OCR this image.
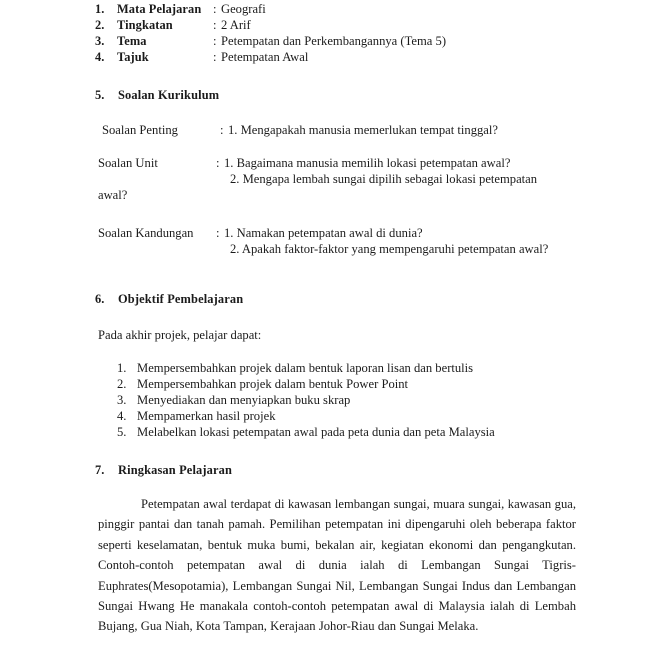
1.	Mata Pelajaran : Geografi
2.	Tingkatan	: 2 Arif
3.	Tema	: Petempatan dan Perkembangannya (Tema 5)
4.	Tajuk	: Petempatan Awal
5. Soalan Kurikulum
Soalan Penting	: 1. Mengapakah manusia memerlukan tempat tinggal?
Soalan Unit	: 1. Bagaimana manusia memilih lokasi petempatan awal?
2. Mengapa lembah sungai dipilih sebagai lokasi petempatan
awal?
Soalan Kandungan : 1. Namakan petempatan awal di dunia?
2. Apakah faktor-faktor yang mempengaruhi petempatan awal?
6. Objektif Pembelajaran
Pada akhir projek, pelajar dapat:
1. Mempersembahkan projek dalam bentuk laporan lisan dan bertulis
2. Mempersembahkan projek dalam bentuk Power Point
3. Menyediakan dan menyiapkan buku skrap
4. Mempamerkan hasil projek
5. Melabelkan lokasi petempatan awal pada peta dunia dan peta Malaysia
7. Ringkasan Pelajaran
Petempatan awal terdapat di kawasan lembangan sungai, muara sungai, kawasan gua, pinggir pantai dan tanah pamah. Pemilihan petempatan ini dipengaruhi oleh beberapa faktor seperti keselamatan, bentuk muka bumi, bekalan air, kegiatan ekonomi dan pengangkutan. Contoh-contoh petempatan awal di dunia ialah di Lembangan Sungai Tigris-Euphrates(Mesopotamia), Lembangan Sungai Nil, Lembangan Sungai Indus dan Lembangan Sungai Hwang He manakala contoh-contoh petempatan awal di Malaysia ialah di Lembah Bujang, Gua Niah, Kota Tampan, Kerajaan Johor-Riau dan Sungai Melaka.
